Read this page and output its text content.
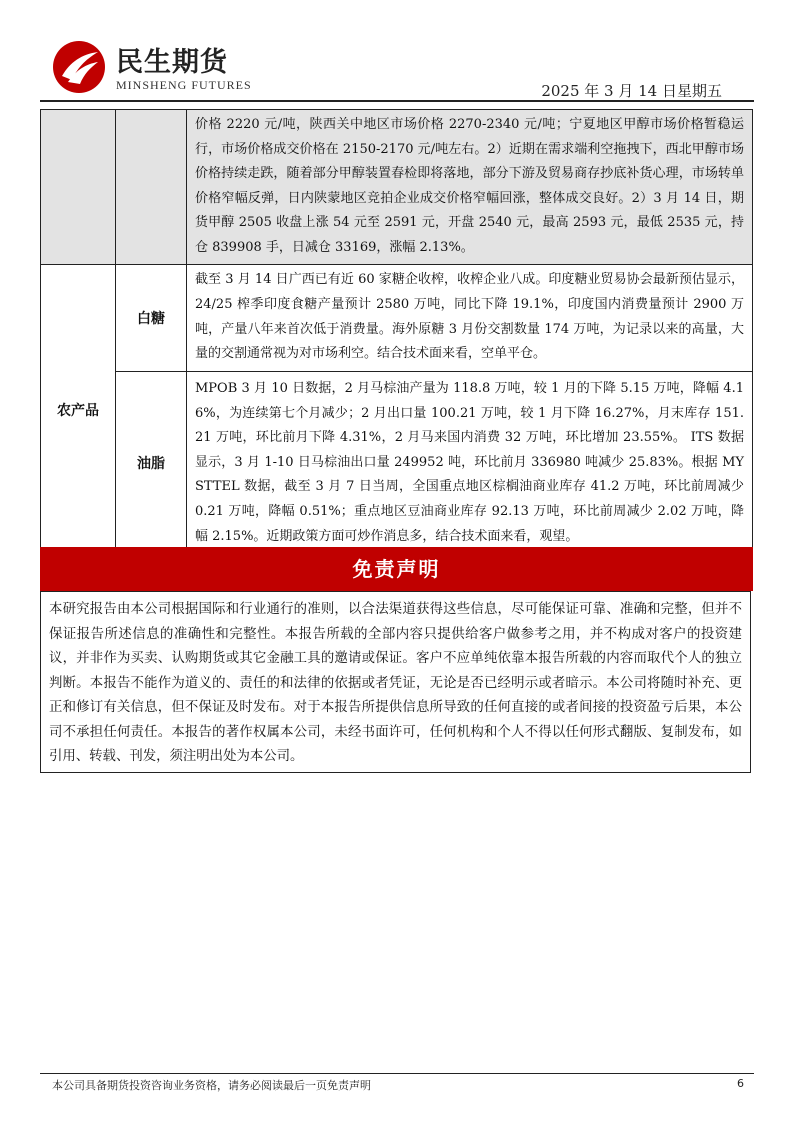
民生期货
MINSHENG FUTURES	2025 年 3 月 14 日星期五
		价格 2220 元/吨，陕西关中地区市场价格 2270-2340 元/吨；宁夏地区甲醇市场价格暂稳运行，市场价格成交价格在 2150-2170 元/吨左右。2）近期在需求端利空拖拽下，西北甲醇市场价格持续走跌，随着部分甲醇装置春检即将落地，部分下游及贸易商存抄底补货心理，市场转单价格窄幅反弹，日内陕蒙地区竞拍企业成交价格窄幅回涨，整体成交良好。2）3 月 14 日，期货甲醇 2505 收盘上涨 54 元至 2591 元，开盘 2540 元，最高 2593 元，最低 2535 元，持仓 839908 手，日减仓 33169，涨幅 2.13%。
农产品	白糖	截至 3 月 14 日广西已有近 60 家糖企收榨，收榨企业八成。印度糖业贸易协会最新预估显示，24/25 榨季印度食糖产量预计 2580 万吨，同比下降 19.1%，印度国内消费量预计 2900 万吨，产量八年来首次低于消费量。海外原糖 3 月份交割数量 174 万吨，为记录以来的高量，大量的交割通常视为对市场利空。结合技术面来看，空单平仓。
	油脂	MPOB 3 月 10 日数据，2 月马棕油产量为 118.8 万吨，较 1 月的下降 5.15 万吨，降幅 4.16%，为连续第七个月减少；2 月出口量 100.21 万吨，较 1 月下降 16.27%，月末库存 151.21 万吨，环比前月下降 4.31%，2 月马来国内消费 32 万吨，环比增加 23.55%。 ITS 数据显示，3 月 1-10 日马棕油出口量 249952 吨，环比前月 336980 吨减少 25.83%。根据 MYSTTEL 数据，截至 3 月 7 日当周，全国重点地区棕榈油商业库存 41.2 万吨，环比前周减少 0.21 万吨，降幅 0.51%；重点地区豆油商业库存 92.13 万吨，环比前周减少 2.02 万吨，降幅 2.15%。近期政策方面可炒作消息多，结合技术面来看，观望。
免责声明
本研究报告由本公司根据国际和行业通行的准则，以合法渠道获得这些信息，尽可能保证可靠、准确和完整，但并不保证报告所述信息的准确性和完整性。本报告所载的全部内容只提供给客户做参考之用，并不构成对客户的投资建议，并非作为买卖、认购期货或其它金融工具的邀请或保证。客户不应单纯依靠本报告所载的内容而取代个人的独立判断。本报告不能作为道义的、责任的和法律的依据或者凭证，无论是否已经明示或者暗示。本公司将随时补充、更正和修订有关信息，但不保证及时发布。对于本报告所提供信息所导致的任何直接的或者间接的投资盈亏后果，本公司不承担任何责任。本报告的著作权属本公司，未经书面许可，任何机构和个人不得以任何形式翻版、复制发布，如引用、转载、刊发，须注明出处为本公司。
本公司具备期货投资咨询业务资格，请务必阅读最后一页免责声明	6
